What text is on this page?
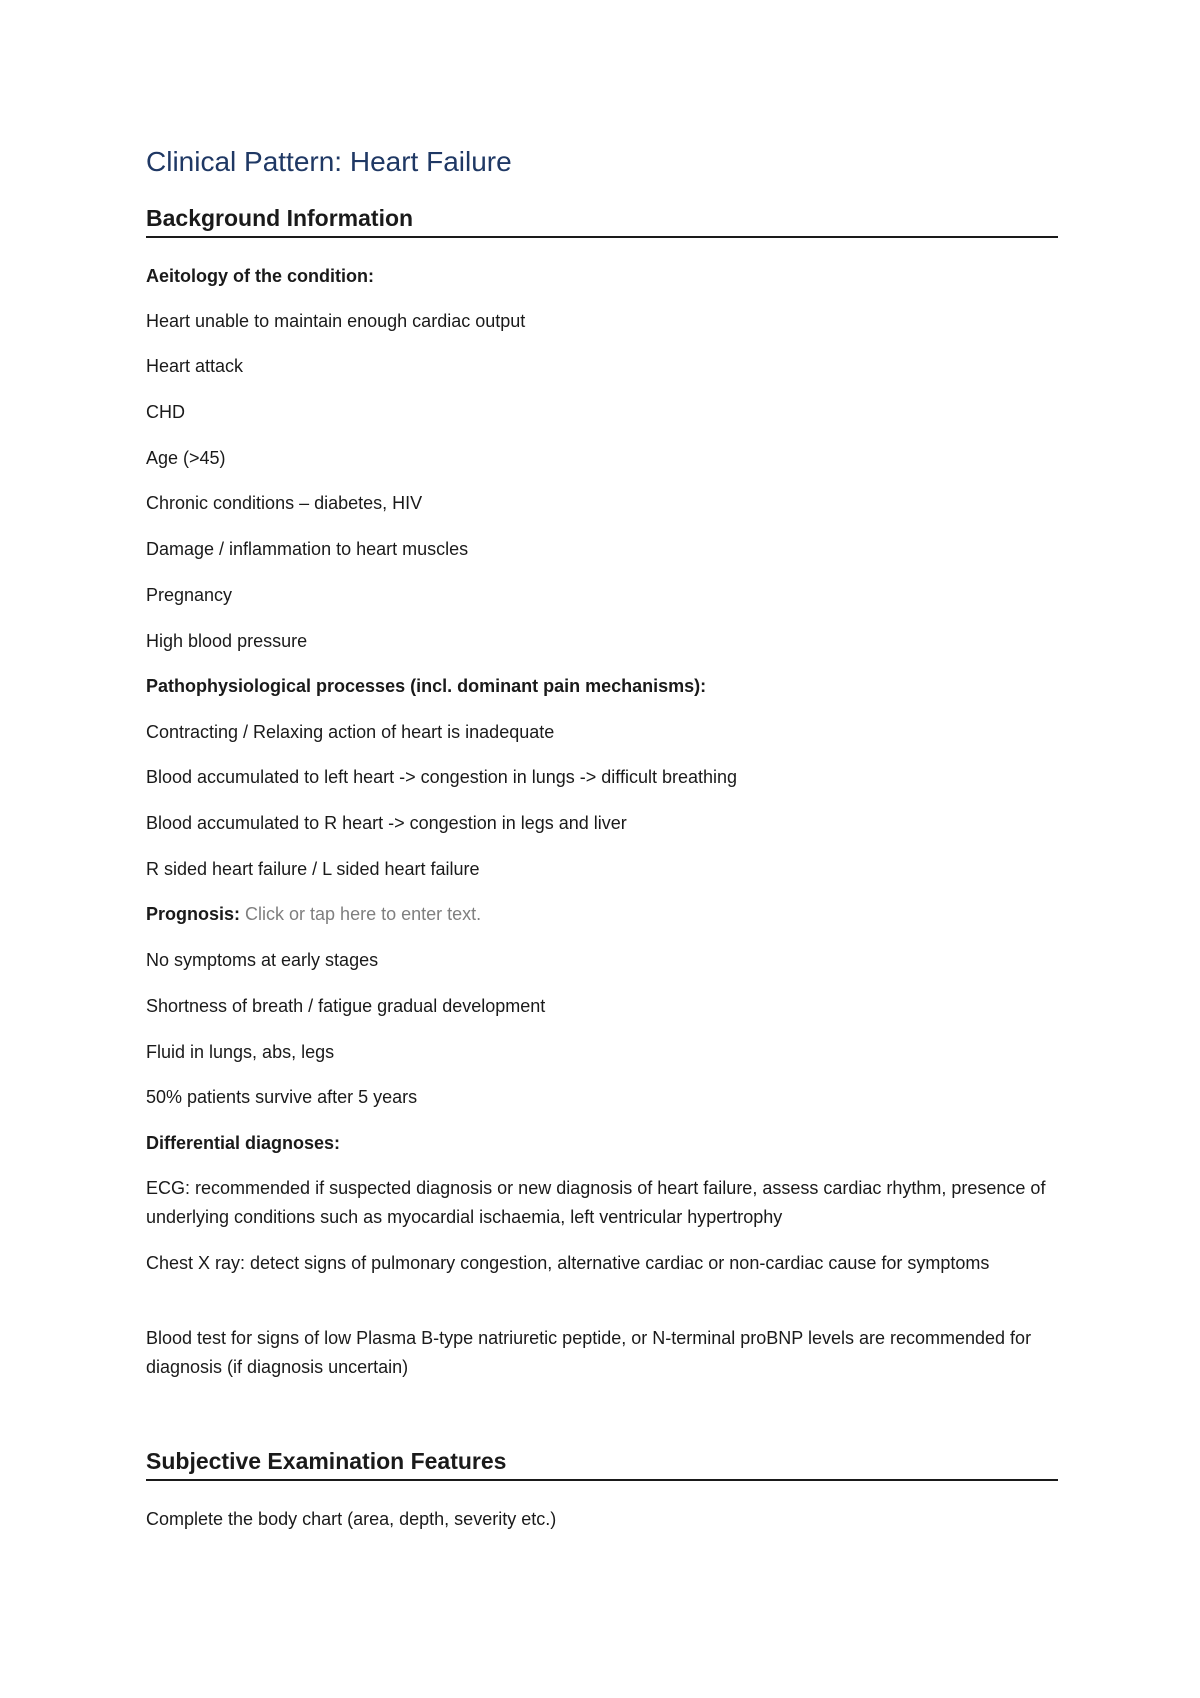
Clinical Pattern: Heart Failure
Background Information

Aeitology of the condition:

Heart unable to maintain enough cardiac output

Heart attack

CHD

Age (>45)

Chronic conditions – diabetes, HIV

Damage / inflammation to heart muscles

Pregnancy

High blood pressure

Pathophysiological processes (incl. dominant pain mechanisms):

Contracting / Relaxing action of heart is inadequate

Blood accumulated to left heart -> congestion in lungs -> difficult breathing

Blood accumulated to R heart -> congestion in legs and liver

R sided heart failure / L sided heart failure

Prognosis: Click or tap here to enter text.

No symptoms at early stages

Shortness of breath / fatigue gradual development

Fluid in lungs, abs, legs

50% patients survive after 5 years

Differential diagnoses:

ECG: recommended if suspected diagnosis or new diagnosis of heart failure, assess cardiac rhythm, presence of underlying conditions such as myocardial ischaemia, left ventricular hypertrophy

Chest X ray: detect signs of pulmonary congestion, alternative cardiac or non-cardiac cause for symptoms

Blood test for signs of low Plasma B-type natriuretic peptide, or N-terminal proBNP levels are recommended for diagnosis (if diagnosis uncertain)

Subjective Examination Features

Complete the body chart (area, depth, severity etc.)
